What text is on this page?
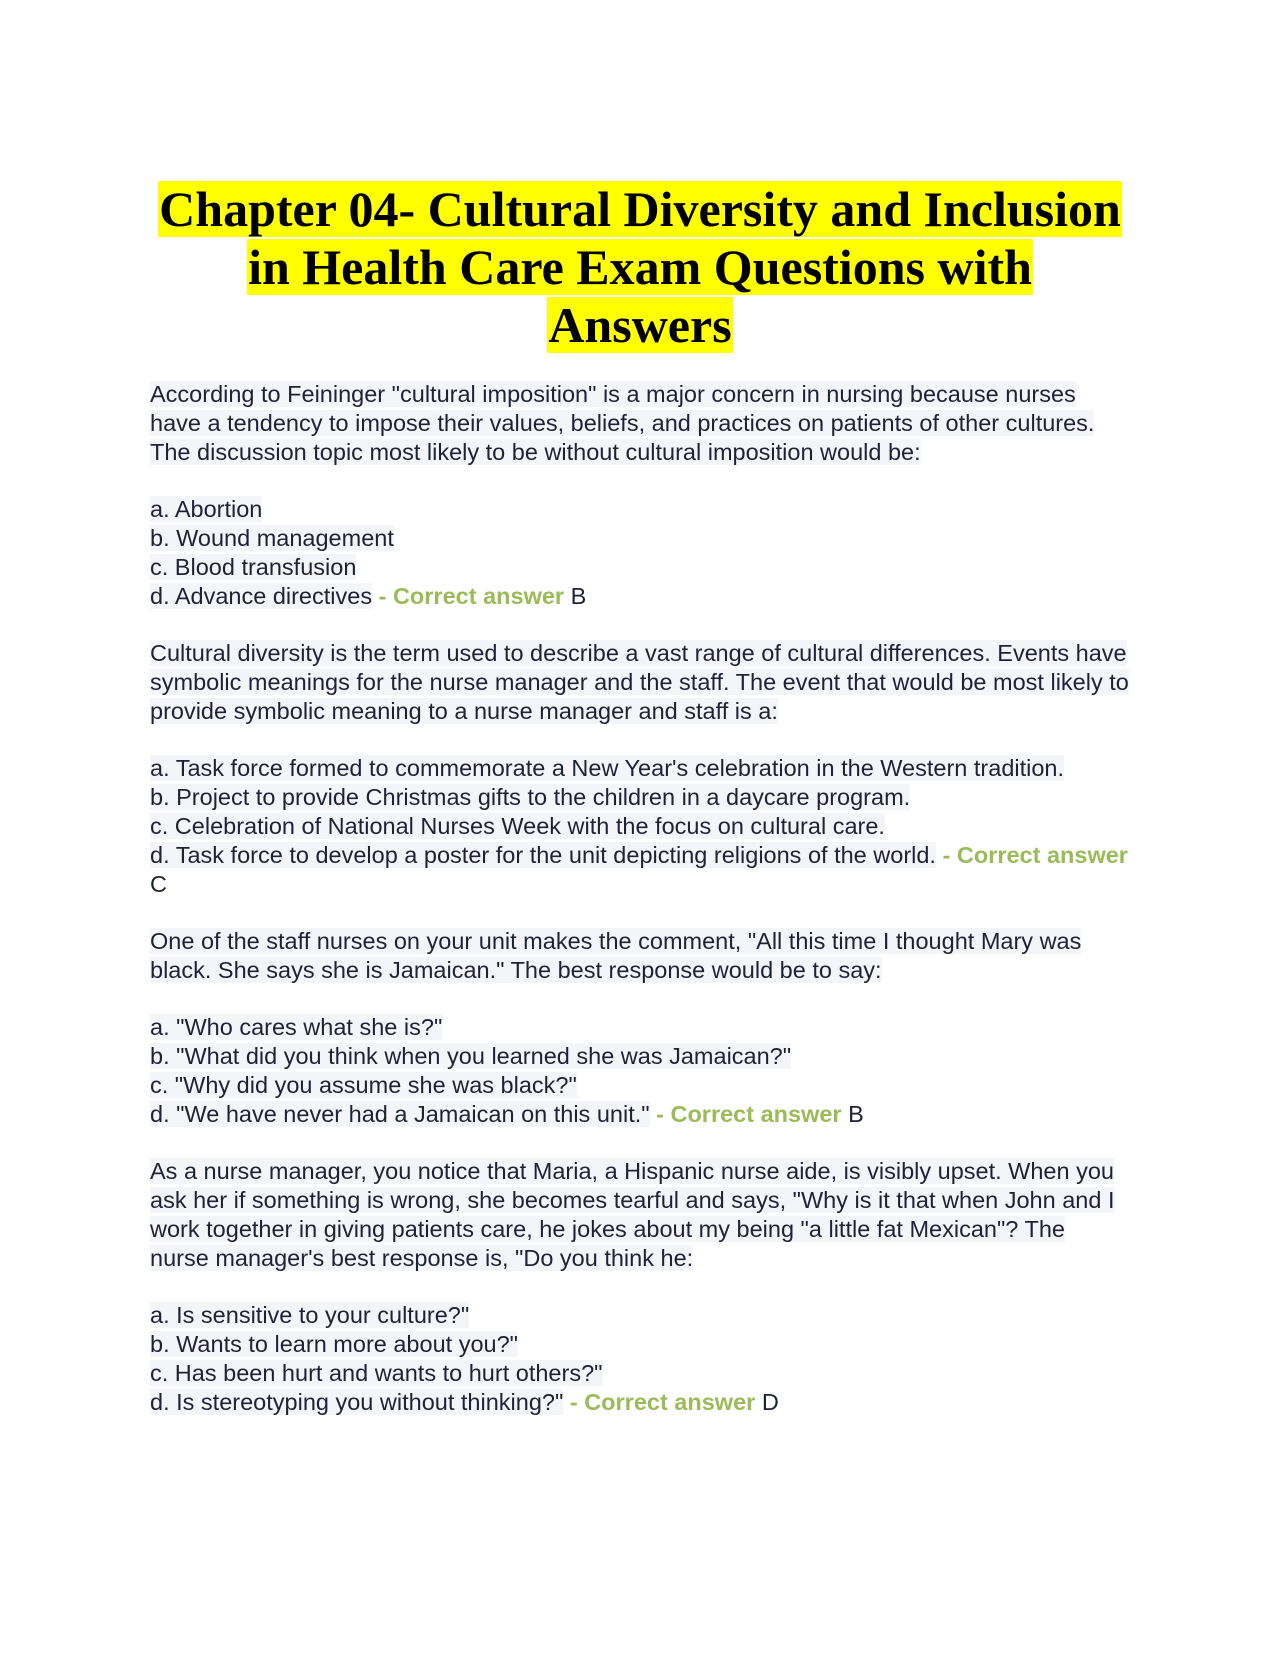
Chapter 04- Cultural Diversity and Inclusion
in Health Care Exam Questions with
Answers

According to Feininger "cultural imposition" is a major concern in nursing because nurses have a tendency to impose their values, beliefs, and practices on patients of other cultures. The discussion topic most likely to be without cultural imposition would be:

a. Abortion
b. Wound management
c. Blood transfusion
d. Advance directives - Correct answer B

Cultural diversity is the term used to describe a vast range of cultural differences. Events have symbolic meanings for the nurse manager and the staff. The event that would be most likely to provide symbolic meaning to a nurse manager and staff is a:

a. Task force formed to commemorate a New Year's celebration in the Western tradition.
b. Project to provide Christmas gifts to the children in a daycare program.
c. Celebration of National Nurses Week with the focus on cultural care.
d. Task force to develop a poster for the unit depicting religions of the world. - Correct answer C

One of the staff nurses on your unit makes the comment, "All this time I thought Mary was black. She says she is Jamaican." The best response would be to say:

a. "Who cares what she is?"
b. "What did you think when you learned she was Jamaican?"
c. "Why did you assume she was black?"
d. "We have never had a Jamaican on this unit." - Correct answer B

As a nurse manager, you notice that Maria, a Hispanic nurse aide, is visibly upset. When you ask her if something is wrong, she becomes tearful and says, "Why is it that when John and I work together in giving patients care, he jokes about my being "a little fat Mexican"? The nurse manager's best response is, "Do you think he:

a. Is sensitive to your culture?"
b. Wants to learn more about you?"
c. Has been hurt and wants to hurt others?"
d. Is stereotyping you without thinking?" - Correct answer D
